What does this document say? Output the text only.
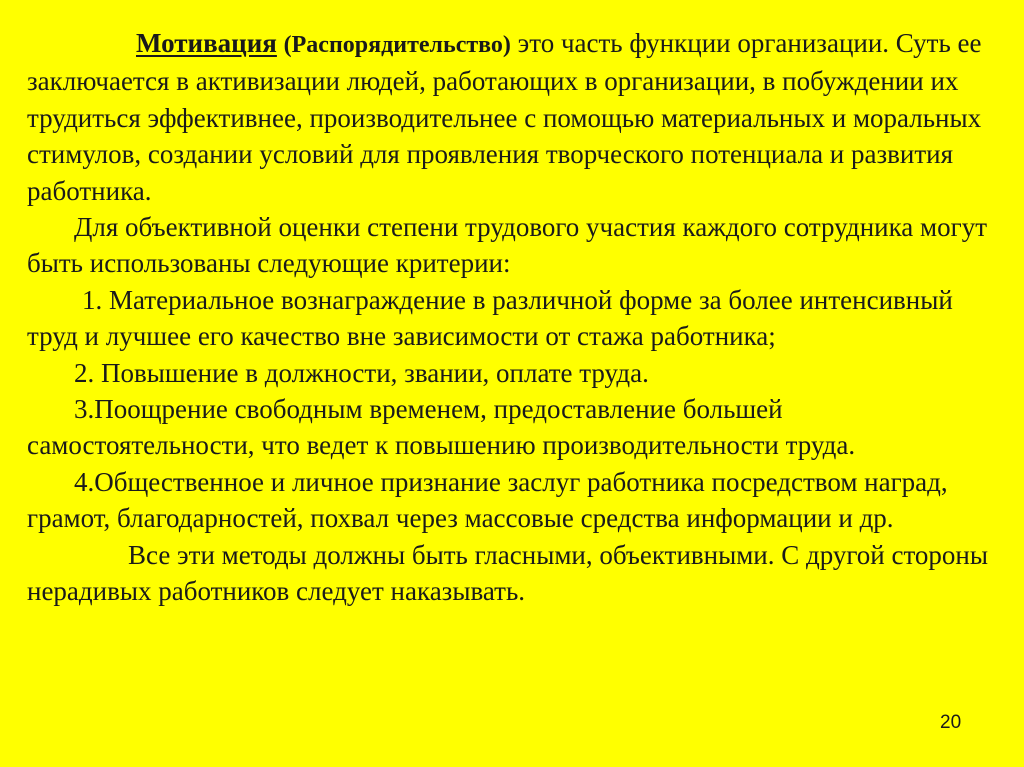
Мотивация (Распорядительство) это часть функции организации. Суть ее заключается в активизации людей, работающих в организации, в побуждении их трудиться эффективнее, производительнее с помощью материальных и моральных стимулов, создании условий для проявления творческого потенциала и развития работника.

Для объективной оценки степени трудового участия каждого сотрудника могут быть использованы следующие критерии:

1. Материальное вознаграждение в различной форме за более интенсивный труд и лучшее его качество вне зависимости от стажа работника;

2. Повышение в должности, звании, оплате труда.

3.Поощрение свободным временем, предоставление большей самостоятельности, что ведет к повышению производительности труда.

4.Общественное и личное признание заслуг работника посредством наград, грамот, благодарностей, похвал через массовые средства информации и др.

Все эти методы должны быть гласными, объективными. С другой стороны нерадивых работников следует наказывать.

20
